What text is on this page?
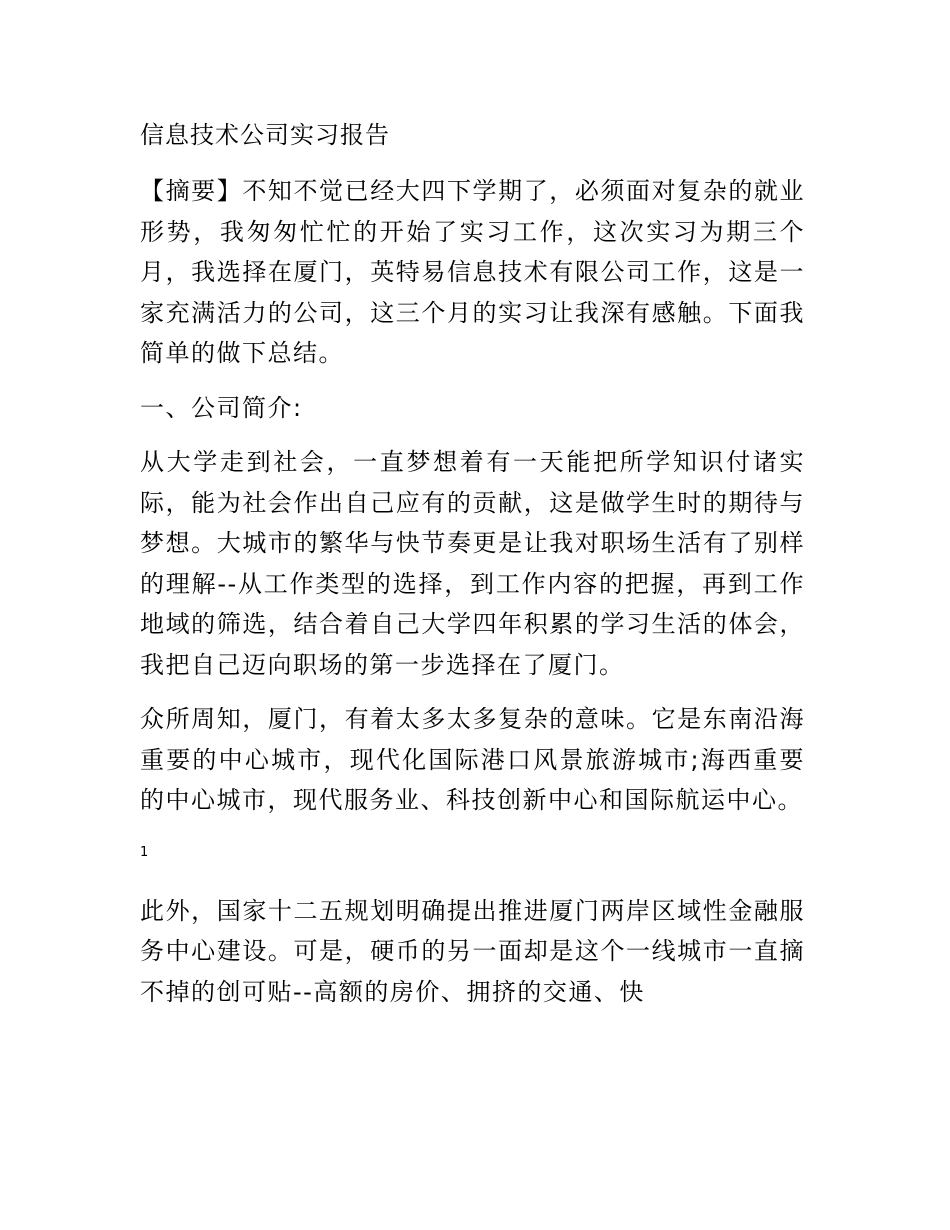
信息技术公司实习报告
【摘要】不知不觉已经大四下学期了，必须面对复杂的就业形势，我匆匆忙忙的开始了实习工作，这次实习为期三个月，我选择在厦门，英特易信息技术有限公司工作，这是一家充满活力的公司，这三个月的实习让我深有感触。下面我简单的做下总结。
一、公司简介:
从大学走到社会，一直梦想着有一天能把所学知识付诸实际，能为社会作出自己应有的贡献，这是做学生时的期待与梦想。大城市的繁华与快节奏更是让我对职场生活有了别样的理解--从工作类型的选择，到工作内容的把握，再到工作地域的筛选，结合着自己大学四年积累的学习生活的体会，我把自己迈向职场的第一步选择在了厦门。
众所周知，厦门，有着太多太多复杂的意味。它是东南沿海重要的中心城市，现代化国际港口风景旅游城市;海西重要的中心城市，现代服务业、科技创新中心和国际航运中心。
1
此外，国家十二五规划明确提出推进厦门两岸区域性金融服务中心建设。可是，硬币的另一面却是这个一线城市一直摘不掉的创可贴--高额的房价、拥挤的交通、快
